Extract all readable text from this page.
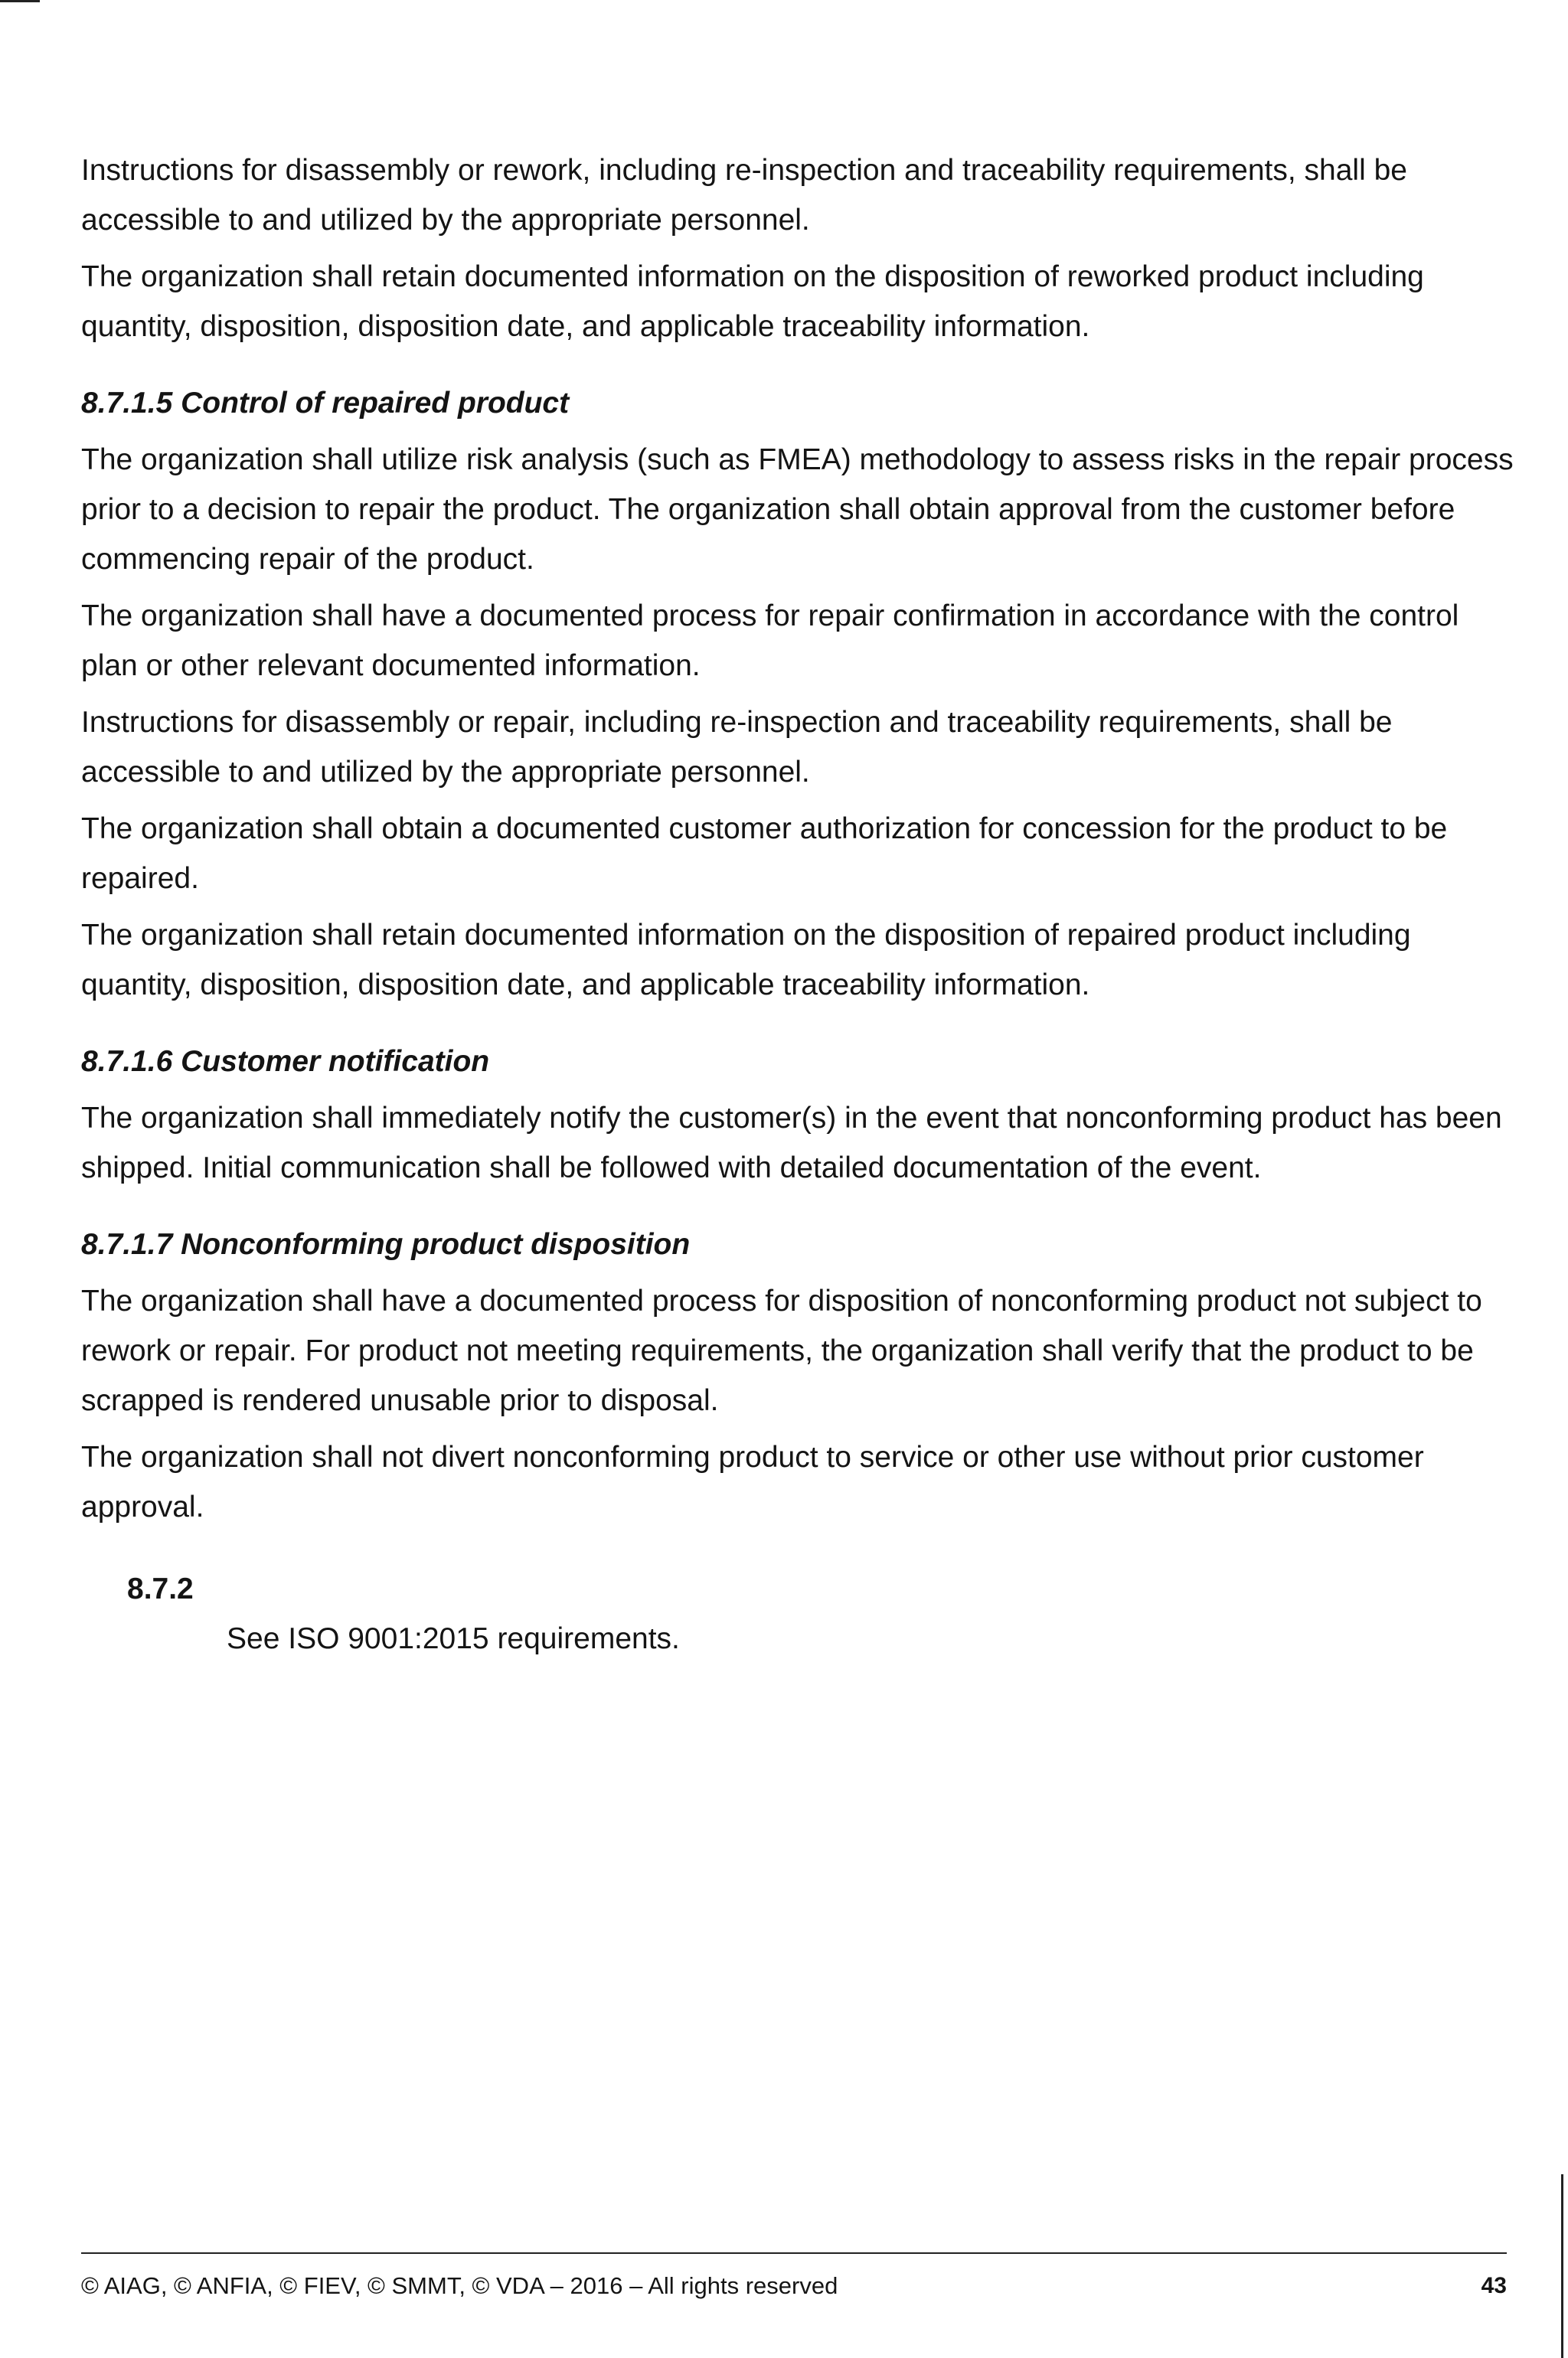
Instructions for disassembly or rework, including re-inspection and traceability requirements, shall be accessible to and utilized by the appropriate personnel.

The organization shall retain documented information on the disposition of reworked product including quantity, disposition, disposition date, and applicable traceability information.

8.7.1.5 Control of repaired product

The organization shall utilize risk analysis (such as FMEA) methodology to assess risks in the repair process prior to a decision to repair the product. The organization shall obtain approval from the customer before commencing repair of the product.

The organization shall have a documented process for repair confirmation in accordance with the control plan or other relevant documented information.

Instructions for disassembly or repair, including re-inspection and traceability requirements, shall be accessible to and utilized by the appropriate personnel.

The organization shall obtain a documented customer authorization for concession for the product to be repaired.

The organization shall retain documented information on the disposition of repaired product including quantity, disposition, disposition date, and applicable traceability information.

8.7.1.6 Customer notification

The organization shall immediately notify the customer(s) in the event that nonconforming product has been shipped. Initial communication shall be followed with detailed documentation of the event.

8.7.1.7 Nonconforming product disposition

The organization shall have a documented process for disposition of nonconforming product not subject to rework or repair. For product not meeting requirements, the organization shall verify that the product to be scrapped is rendered unusable prior to disposal.

The organization shall not divert nonconforming product to service or other use without prior customer approval.

8.7.2
See ISO 9001:2015 requirements.
© AIAG, © ANFIA, © FIEV, © SMMT, © VDA – 2016 – All rights reserved	43
